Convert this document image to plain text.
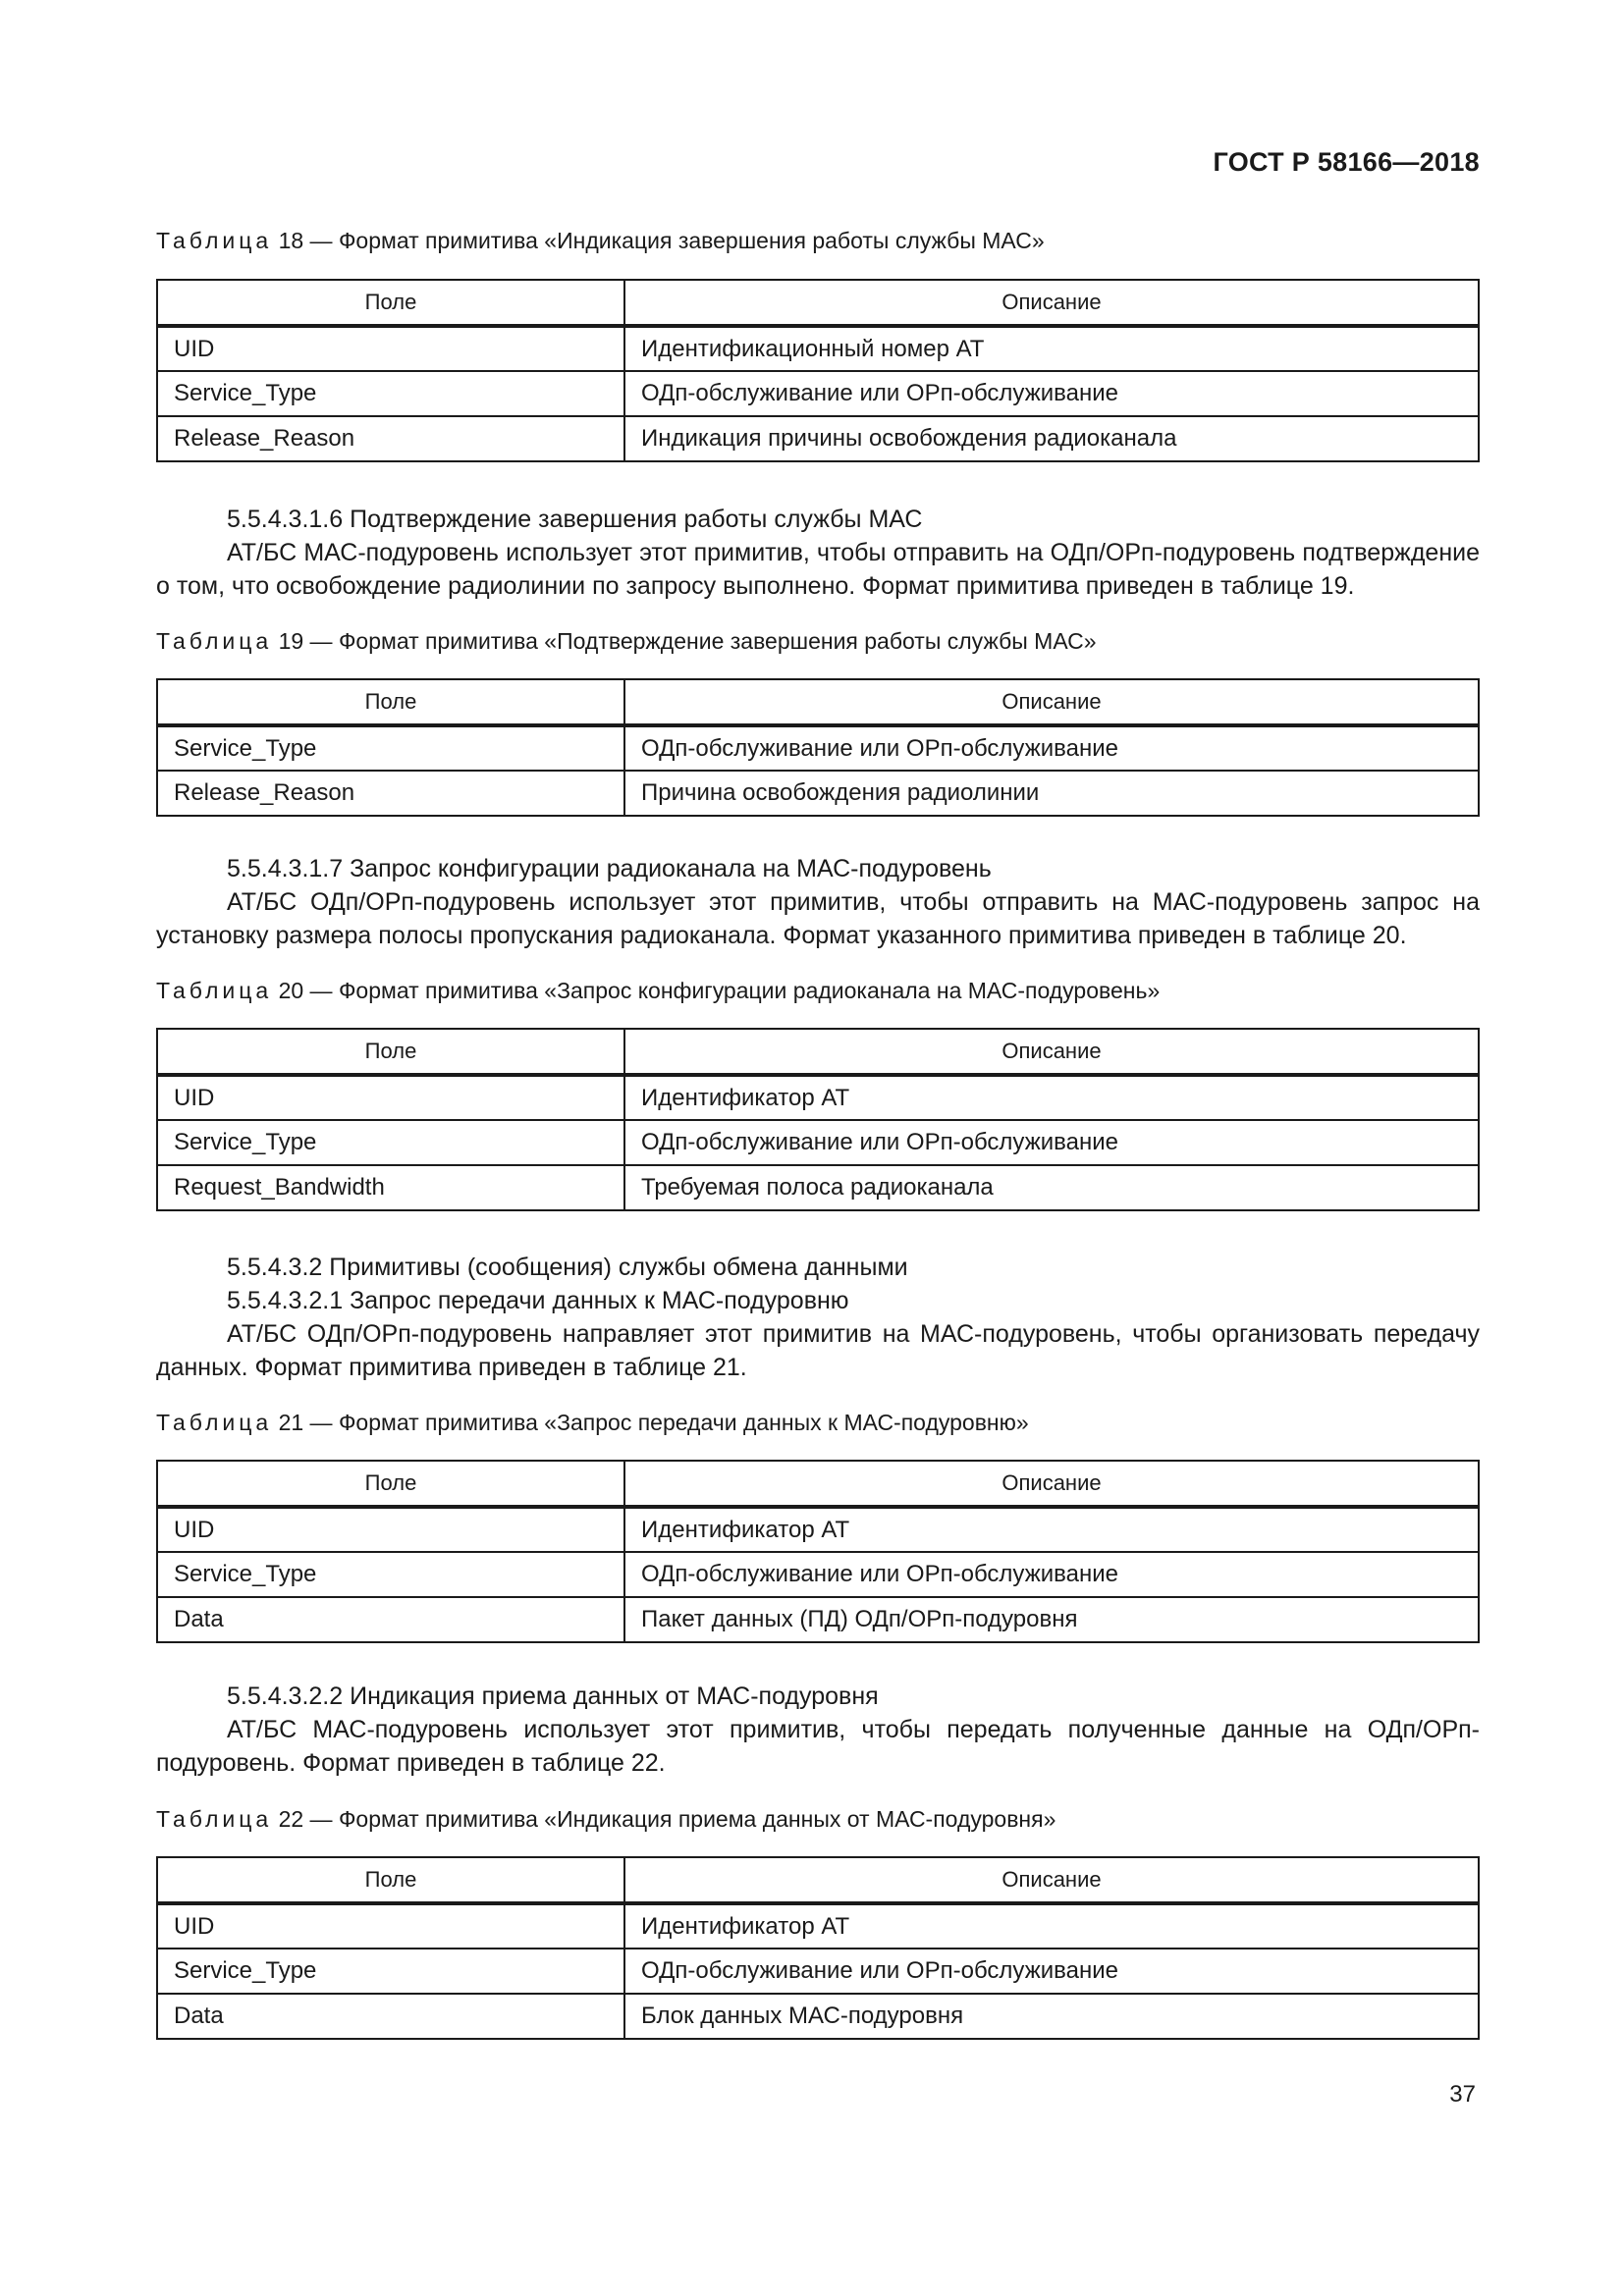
ГОСТ Р 58166—2018
Таблица 18 — Формат примитива «Индикация завершения работы службы МАС»
Поле	Описание
UID	Идентификационный номер АТ
Service_Type	ОДп-обслуживание или ОРп-обслуживание
Release_Reason	Индикация причины освобождения радиоканала

5.5.4.3.1.6 Подтверждение завершения работы службы МАС

АТ/БС МАС-подуровень использует этот примитив, чтобы отправить на ОДп/ОРп-подуровень подтверждение о том, что освобождение радиолинии по запросу выполнено. Формат примитива приведен в таблице 19.

Таблица 19 — Формат примитива «Подтверждение завершения работы службы МАС»
Поле	Описание
Service_Type	ОДп-обслуживание или ОРп-обслуживание
Release_Reason	Причина освобождения радиолинии

5.5.4.3.1.7 Запрос конфигурации радиоканала на МАС-подуровень

АТ/БС ОДп/ОРп-подуровень использует этот примитив, чтобы отправить на МАС-подуровень запрос на установку размера полосы пропускания радиоканала. Формат указанного примитива приведен в таблице 20.

Таблица 20 — Формат примитива «Запрос конфигурации радиоканала на МАС-подуровень»
Поле	Описание
UID	Идентификатор АТ
Service_Type	ОДп-обслуживание или ОРп-обслуживание
Request_Bandwidth	Требуемая полоса радиоканала

5.5.4.3.2 Примитивы (сообщения) службы обмена данными

5.5.4.3.2.1 Запрос передачи данных к МАС-подуровню

АТ/БС ОДп/ОРп-подуровень направляет этот примитив на МАС-подуровень, чтобы организовать передачу данных. Формат примитива приведен в таблице 21.

Таблица 21 — Формат примитива «Запрос передачи данных к МАС-подуровню»
Поле	Описание
UID	Идентификатор АТ
Service_Type	ОДп-обслуживание или ОРп-обслуживание
Data	Пакет данных (ПД) ОДп/ОРп-подуровня

5.5.4.3.2.2 Индикация приема данных от МАС-подуровня

АТ/БС МАС-подуровень использует этот примитив, чтобы передать полученные данные на ОДп/ОРп-подуровень. Формат приведен в таблице 22.

Таблица 22 — Формат примитива «Индикация приема данных от МАС-подуровня»
Поле	Описание
UID	Идентификатор АТ
Service_Type	ОДп-обслуживание или ОРп-обслуживание
Data	Блок данных МАС-подуровня
37
